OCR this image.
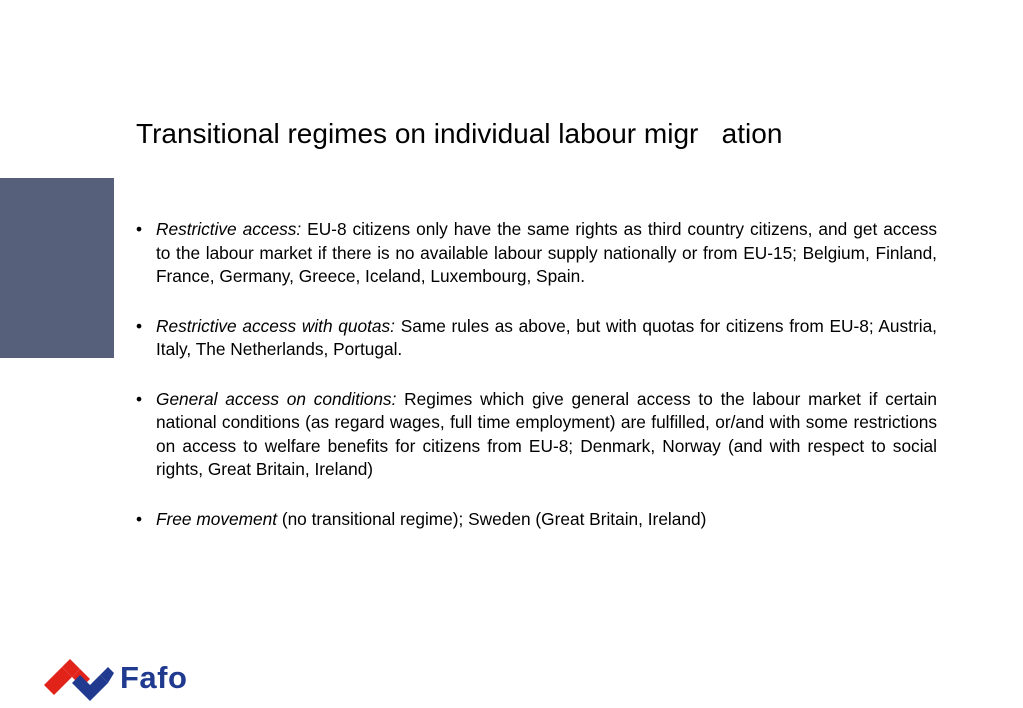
Transitional regimes on individual labour migr   ation
• Restrictive access: EU-8 citizens only have the same rights as third country citizens, and get access to the labour market if there is no available labour supply nationally or from EU-15; Belgium, Finland, France, Germany, Greece, Iceland, Luxembourg, Spain.
• Restrictive access with quotas: Same rules as above, but with quotas for citizens from EU-8; Austria, Italy, The Netherlands, Portugal.
• General access on conditions: Regimes which give general access to the labour market if certain national conditions (as regard wages, full time employment) are fulfilled, or/and with some restrictions on access to welfare benefits for citizens from EU-8; Denmark, Norway (and with respect to social rights, Great Britain, Ireland)
• Free movement (no transitional regime); Sweden (Great Britain, Ireland)
Fafo
